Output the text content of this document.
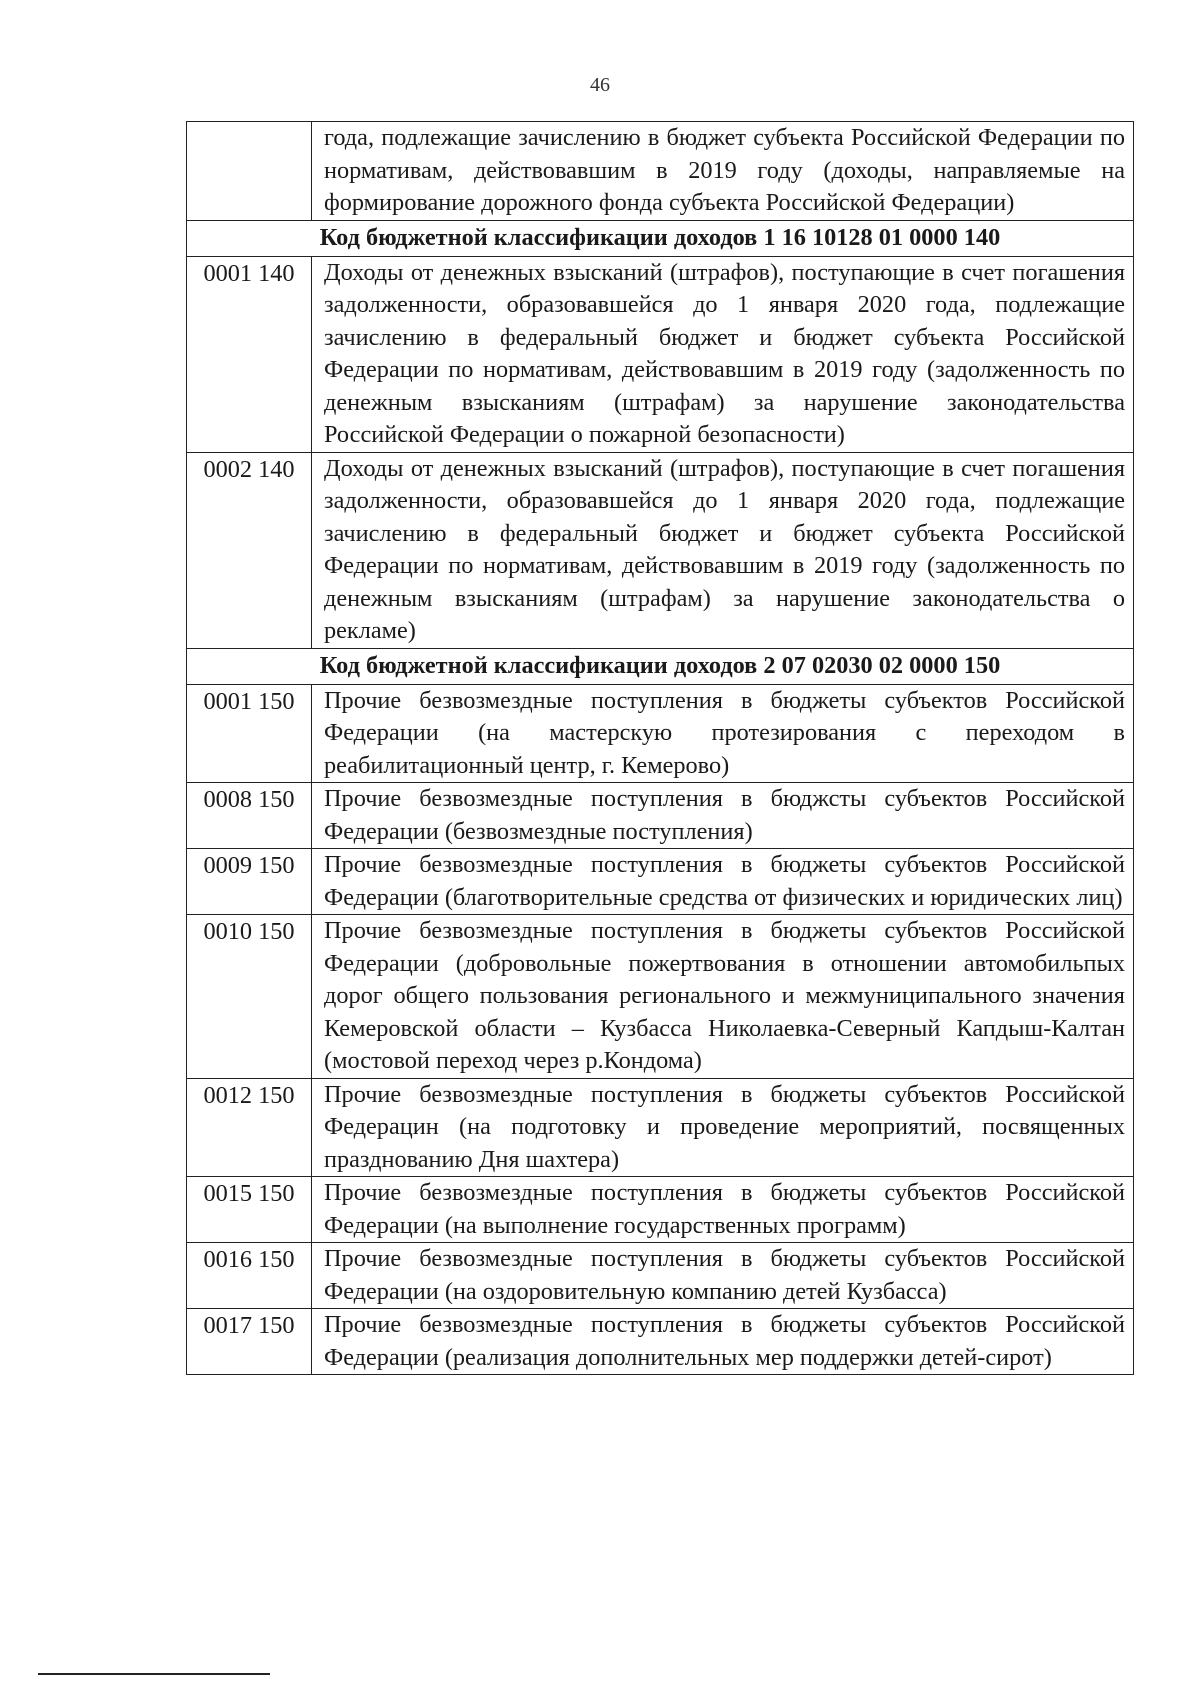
46
	года, подлежащие зачислению в бюджет субъекта Российской Федерации по нормативам, действовавшим в 2019 году (доходы, направляемые на формирование дорожного фонда субъекта Российской Федерации)
Код бюджетной классификации доходов 1 16 10128 01 0000 140	
0001 140	Доходы от денежных взысканий (штрафов), поступающие в счет погашения задолженности, образовавшейся до 1 января 2020 года, подлежащие зачислению в федеральный бюджет и бюджет субъекта Российской Федерации по нормативам, действовавшим в 2019 году (задолженность по денежным взысканиям (штрафам) за нарушение законодательства Российской Федерации о пожарной безопасности)
0002 140	Доходы от денежных взысканий (штрафов), поступающие в счет погашения задолженности, образовавшейся до 1 января 2020 года, подлежащие зачислению в федеральный бюджет и бюджет субъекта Российской Федерации по нормативам, действовавшим в 2019 году (задолженность по денежным взысканиям (штрафам) за нарушение законодательства о рекламе)
Код бюджетной классификации доходов 2 07 02030 02 0000 150	
0001 150	Прочие безвозмездные поступления в бюджеты субъектов Российской Федерации (на мастерскую протезирования с переходом в реабилитационный центр, г. Кемерово)
0008 150	Прочие безвозмездные поступления в бюджсты субъектов Российской Федерации (безвозмездные поступления)
0009 150	Прочие безвозмездные поступления в бюджеты субъектов Российской Федерации (благотворительные средства от физических и юридических лиц)
0010 150	Прочие безвозмездные поступления в бюджеты субъектов Российской Федерации (добровольные пожертвования в отношении автомобильпых дорог общего пользования регионального и межмуниципального значения Кемеровской области – Кузбасса Николаевка-Северный Капдыш-Калтан (мостовой переход через р.Кондома)
0012 150	Прочие безвозмездные поступления в бюджеты субъектов Российской Федерацин (на подготовку и проведение мероприятий, посвященных празднованию Дня шахтера)
0015 150	Прочие безвозмездные поступления в бюджеты субъектов Российской Федерации (на выполнение государственных программ)
0016 150	Прочие безвозмездные поступления в бюджеты субъектов Российской Федерации (на оздоровительную компанию детей Кузбасса)
0017 150	Прочие безвозмездные поступления в бюджеты субъектов Российской Федерации (реализация дополнительных мер поддержки детей-сирот)
